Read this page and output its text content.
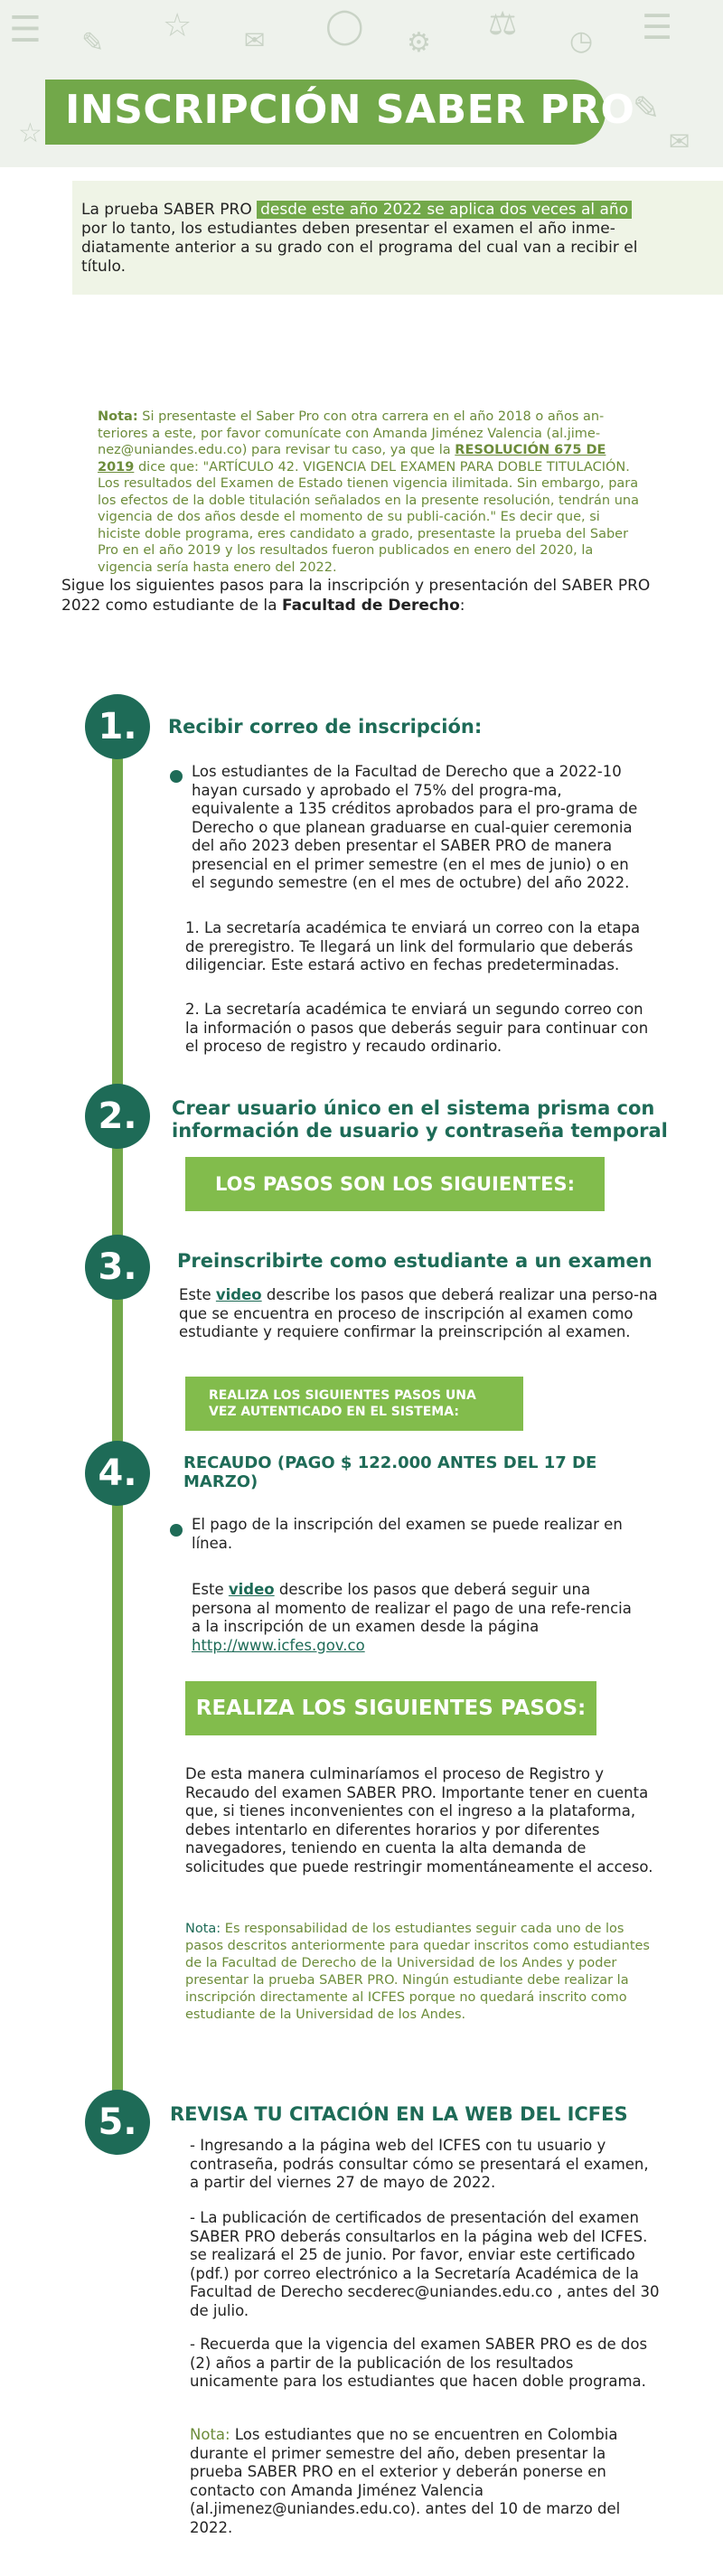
☰ ✎ ☆ ✉ ◯ ⚙
⚖ ◷ ☰
✎
☆	✉
INSCRIPCIÓN SABER PRO
La prueba SABER PRO desde este año 2022 se aplica dos veces al año por lo tanto, los estudiantes deben presentar el examen el año inme-diatamente anterior a su grado con el programa del cual van a recibir el título.
Nota: Si presentaste el Saber Pro con otra carrera en el año 2018 o años an-teriores a este, por favor comunícate con Amanda Jiménez Valencia (al.jime-nez@uniandes.edu.co) para revisar tu caso, ya que la RESOLUCIÓN 675 DE 2019 dice que: "ARTÍCULO 42. VIGENCIA DEL EXAMEN PARA DOBLE TITULACIÓN. Los resultados del Examen de Estado tienen vigencia ilimitada. Sin embargo, para los efectos de la doble titulación señalados en la presente resolución, tendrán una vigencia de dos años desde el momento de su publi-cación." Es decir que, si hiciste doble programa, eres candidato a grado, presentaste la prueba del Saber Pro en el año 2019 y los resultados fueron publicados en enero del 2020, la vigencia sería hasta enero del 2022.
Sigue los siguientes pasos para la inscripción y presentación del SABER PRO 2022 como estudiante de la Facultad de Derecho:
1.	Recibir correo de inscripción:
Los estudiantes de la Facultad de Derecho que a 2022-10 hayan cursado y aprobado el 75% del progra-ma, equivalente a 135 créditos aprobados para el pro-grama de Derecho o que planean graduarse en cual-quier ceremonia del año 2023 deben presentar el SABER PRO de manera presencial en el primer semestre (en el mes de junio) o en el segundo semestre (en el mes de octubre) del año 2022.
1. La secretaría académica te enviará un correo con la etapa de preregistro. Te llegará un link del formulario que deberás diligenciar. Este estará activo en fechas predeterminadas.
2. La secretaría académica te enviará un segundo correo con la información o pasos que deberás seguir para continuar con el proceso de registro y recaudo ordinario.
2.	Crear usuario único en el sistema prisma con información de usuario y contraseña temporal
LOS PASOS SON LOS SIGUIENTES:
3.	Preinscribirte como estudiante a un examen
Este video describe los pasos que deberá realizar una perso-na que se encuentra en proceso de inscripción al examen como estudiante y requiere confirmar la preinscripción al examen.
REALIZA LOS SIGUIENTES PASOS UNA VEZ AUTENTICADO EN EL SISTEMA:
4.	RECAUDO (PAGO $ 122.000 ANTES DEL 17 DE MARZO)
El pago de la inscripción del examen se puede realizar en línea.
Este video describe los pasos que deberá seguir una persona al momento de realizar el pago de una refe-rencia a la inscripción de un examen desde la página http://www.icfes.gov.co
REALIZA LOS SIGUIENTES PASOS:
De esta manera culminaríamos el proceso de Registro y Recaudo del examen SABER PRO. Importante tener en cuenta que, si tienes inconvenientes con el ingreso a la plataforma, debes intentarlo en diferentes horarios y por diferentes navegadores, teniendo en cuenta la alta demanda de solicitudes que puede restringir momentáneamente el acceso.
Nota: Es responsabilidad de los estudiantes seguir cada uno de los pasos descritos anteriormente para quedar inscritos como estudiantes de la Facultad de Derecho de la Universidad de los Andes y poder presentar la prueba SABER PRO. Ningún estudiante debe realizar la inscripción directamente al ICFES porque no quedará inscrito como estudiante de la Universidad de los Andes.
5.	REVISA TU CITACIÓN EN LA WEB DEL ICFES
- Ingresando a la página web del ICFES con tu usuario y contraseña, podrás consultar cómo se presentará el examen, a partir del viernes 27 de mayo de 2022.
- La publicación de certificados de presentación del examen SABER PRO deberás consultarlos en la página web del ICFES. se realizará el 25 de junio. Por favor, enviar este certificado (pdf.) por correo electrónico a la Secretaría Académica de la Facultad de Derecho secderec@uniandes.edu.co , antes del 30 de julio.
- Recuerda que la vigencia del examen SABER PRO es de dos (2) años a partir de la publicación de los resultados unicamente para los estudiantes que hacen doble programa.
Nota: Los estudiantes que no se encuentren en Colombia durante el primer semestre del año, deben presentar la prueba SABER PRO en el exterior y deberán ponerse en contacto con Amanda Jiménez Valencia (al.jimenez@uniandes.edu.co). antes del 10 de marzo del 2022.
